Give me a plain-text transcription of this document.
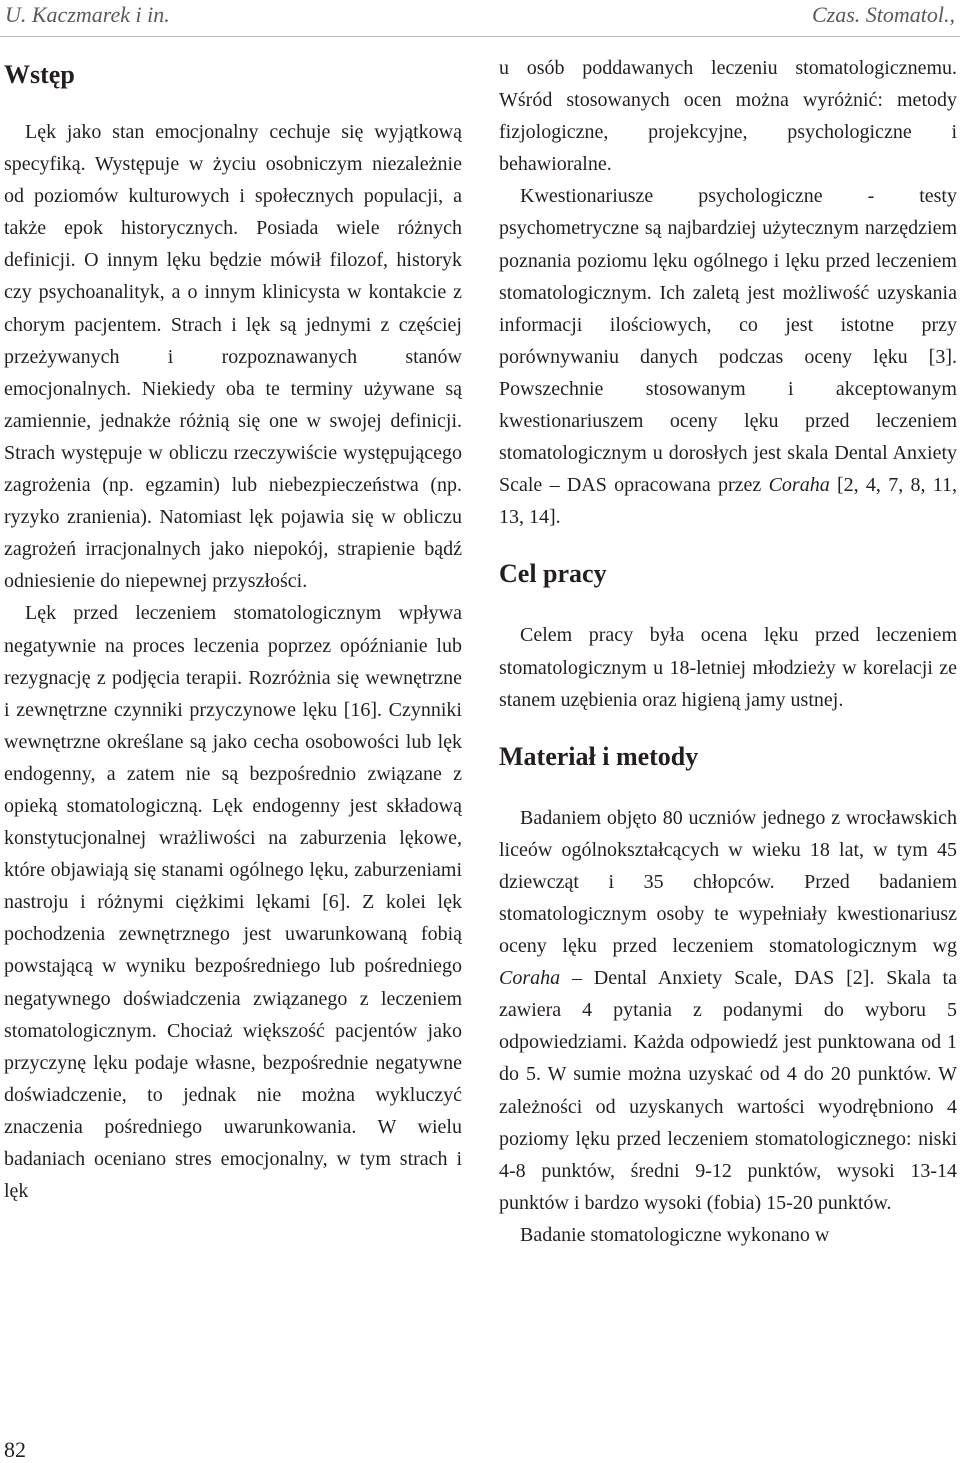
U. Kaczmarek i in.	Czas. Stomatol.,
Wstęp

Lęk jako stan emocjonalny cechuje się wyjątkową specyfiką. Występuje w życiu osobniczym niezależnie od poziomów kulturowych i społecznych populacji, a także epok historycznych. Posiada wiele różnych definicji. O innym lęku będzie mówił filozof, historyk czy psychoanalityk, a o innym klinicysta w kontakcie z chorym pacjentem. Strach i lęk są jednymi z częściej przeżywanych i rozpoznawanych stanów emocjonalnych. Niekiedy oba te terminy używane są zamiennie, jednakże różnią się one w swojej definicji. Strach występuje w obliczu rzeczywiście występującego zagrożenia (np. egzamin) lub niebezpieczeństwa (np. ryzyko zranienia). Natomiast lęk pojawia się w obliczu zagrożeń irracjonalnych jako niepokój, strapienie bądź odniesienie do niepewnej przyszłości.

Lęk przed leczeniem stomatologicznym wpływa negatywnie na proces leczenia poprzez opóźnianie lub rezygnację z podjęcia terapii. Rozróżnia się wewnętrzne i zewnętrzne czynniki przyczynowe lęku [16]. Czynniki wewnętrzne określane są jako cecha osobowości lub lęk endogenny, a zatem nie są bezpośrednio związane z opieką stomatologiczną. Lęk endogenny jest składową konstytucjonalnej wrażliwości na zaburzenia lękowe, które objawiają się stanami ogólnego lęku, zaburzeniami nastroju i różnymi ciężkimi lękami [6]. Z kolei lęk pochodzenia zewnętrznego jest uwarunkowaną fobią powstającą w wyniku bezpośredniego lub pośredniego negatywnego doświadczenia związanego z leczeniem stomatologicznym. Chociaż większość pacjentów jako przyczynę lęku podaje własne, bezpośrednie negatywne doświadczenie, to jednak nie można wykluczyć znaczenia pośredniego uwarunkowania. W wielu badaniach oceniano stres emocjonalny, w tym strach i lęk

u osób poddawanych leczeniu stomatologicznemu. Wśród stosowanych ocen można wyróżnić: metody fizjologiczne, projekcyjne, psychologiczne i behawioralne.

Kwestionariusze psychologiczne - testy psychometryczne są najbardziej użytecznym narzędziem poznania poziomu lęku ogólnego i lęku przed leczeniem stomatologicznym. Ich zaletą jest możliwość uzyskania informacji ilościowych, co jest istotne przy porównywaniu danych podczas oceny lęku [3]. Powszechnie stosowanym i akceptowanym kwestionariuszem oceny lęku przed leczeniem stomatologicznym u dorosłych jest skala Dental Anxiety Scale – DAS opracowana przez Coraha [2, 4, 7, 8, 11, 13, 14].

Cel pracy

Celem pracy była ocena lęku przed leczeniem stomatologicznym u 18-letniej młodzieży w korelacji ze stanem uzębienia oraz higieną jamy ustnej.

Materiał i metody

Badaniem objęto 80 uczniów jednego z wrocławskich liceów ogólnokształcących w wieku 18 lat, w tym 45 dziewcząt i 35 chłopców. Przed badaniem stomatologicznym osoby te wypełniały kwestionariusz oceny lęku przed leczeniem stomatologicznym wg Coraha – Dental Anxiety Scale, DAS [2]. Skala ta zawiera 4 pytania z podanymi do wyboru 5 odpowiedziami. Każda odpowiedź jest punktowana od 1 do 5. W sumie można uzyskać od 4 do 20 punktów. W zależności od uzyskanych wartości wyodrębniono 4 poziomy lęku przed leczeniem stomatologicznego: niski 4-8 punktów, średni 9-12 punktów, wysoki 13-14 punktów i bardzo wysoki (fobia) 15-20 punktów.

Badanie stomatologiczne wykonano w

82
